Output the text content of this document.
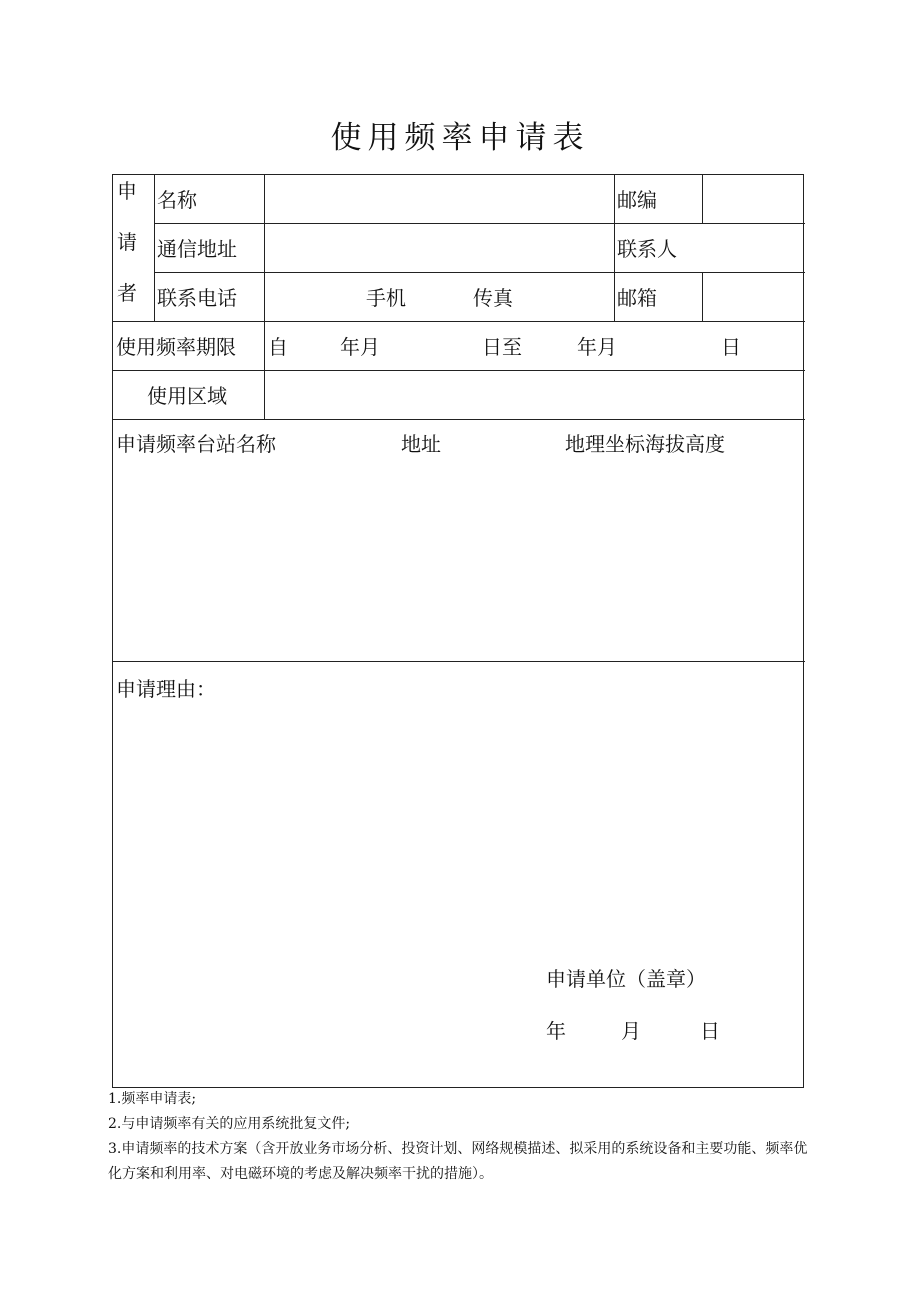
使用频率申请表
申
请
者
名称	邮编
通信地址	联系人
联系电话	手机	传真	邮箱
使用频率期限 自	年月	日至	年月	日
使用区域
申请频率台站名称	地址	地理坐标海拔高度
申请理由：
申请单位（盖章）
年	月	日

1.频率申请表;

2.与申请频率有关的应用系统批复文件;

3.申请频率的技术方案（含开放业务市场分析、投资计划、网络规模描述、拟采用的系统设备和主要功能、频率优化方案和利用率、对电磁环境的考虑及解决频率干扰的措施）。
